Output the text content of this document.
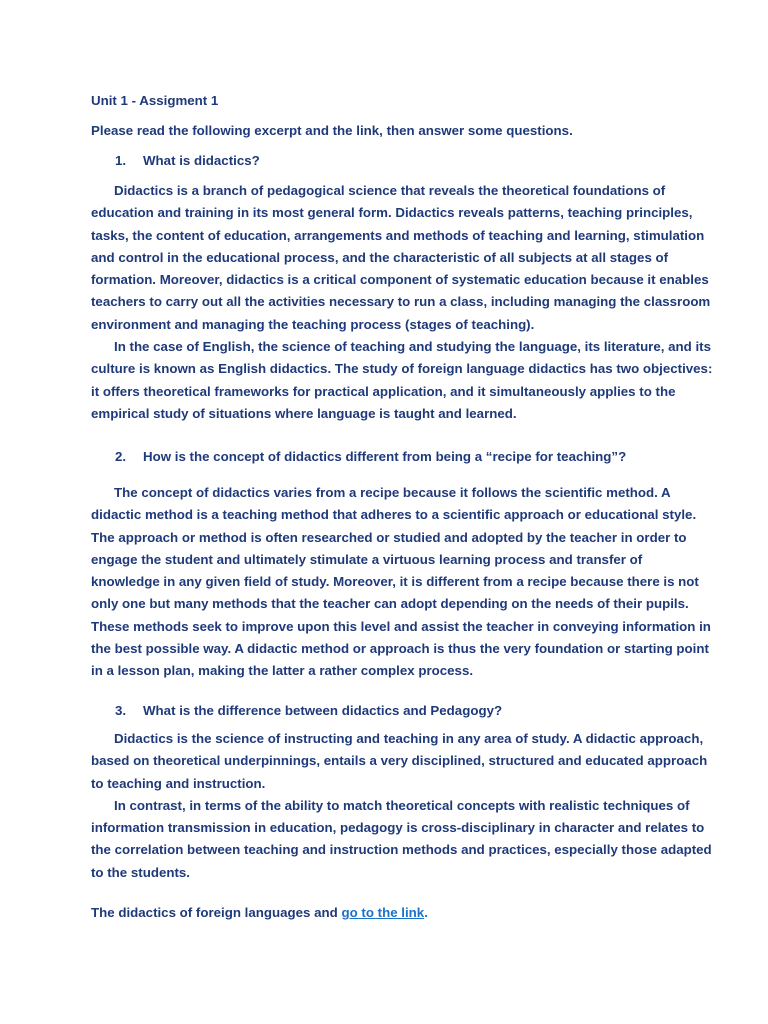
Unit 1 - Assigment 1

Please read the following excerpt and the link, then answer some questions.

1. What is didactics?

Didactics is a branch of pedagogical science that reveals the theoretical foundations of

education and training in its most general form. Didactics reveals patterns, teaching principles,

tasks, the content of education, arrangements and methods of teaching and learning, stimulation

and control in the educational process, and the characteristic of all subjects at all stages of

formation. Moreover, didactics is a critical component of systematic education because it enables

teachers to carry out all the activities necessary to run a class, including managing the classroom

environment and managing the teaching process (stages of teaching).

In the case of English, the science of teaching and studying the language, its literature, and its

culture is known as English didactics. The study of foreign language didactics has two objectives:

it offers theoretical frameworks for practical application, and it simultaneously applies to the

empirical study of situations where language is taught and learned.

2. How is the concept of didactics different from being a “recipe for teaching”?

The concept of didactics varies from a recipe because it follows the scientific method. A

didactic method is a teaching method that adheres to a scientific approach or educational style.

The approach or method is often researched or studied and adopted by the teacher in order to

engage the student and ultimately stimulate a virtuous learning process and transfer of

knowledge in any given field of study. Moreover, it is different from a recipe because there is not

only one but many methods that the teacher can adopt depending on the needs of their pupils.

These methods seek to improve upon this level and assist the teacher in conveying information in

the best possible way. A didactic method or approach is thus the very foundation or starting point

in a lesson plan, making the latter a rather complex process.

3. What is the difference between didactics and Pedagogy?

Didactics is the science of instructing and teaching in any area of study. A didactic approach,

based on theoretical underpinnings, entails a very disciplined, structured and educated approach

to teaching and instruction.

In contrast, in terms of the ability to match theoretical concepts with realistic techniques of

information transmission in education, pedagogy is cross-disciplinary in character and relates to

the correlation between teaching and instruction methods and practices, especially those adapted

to the students.

The didactics of foreign languages and go to the link.
